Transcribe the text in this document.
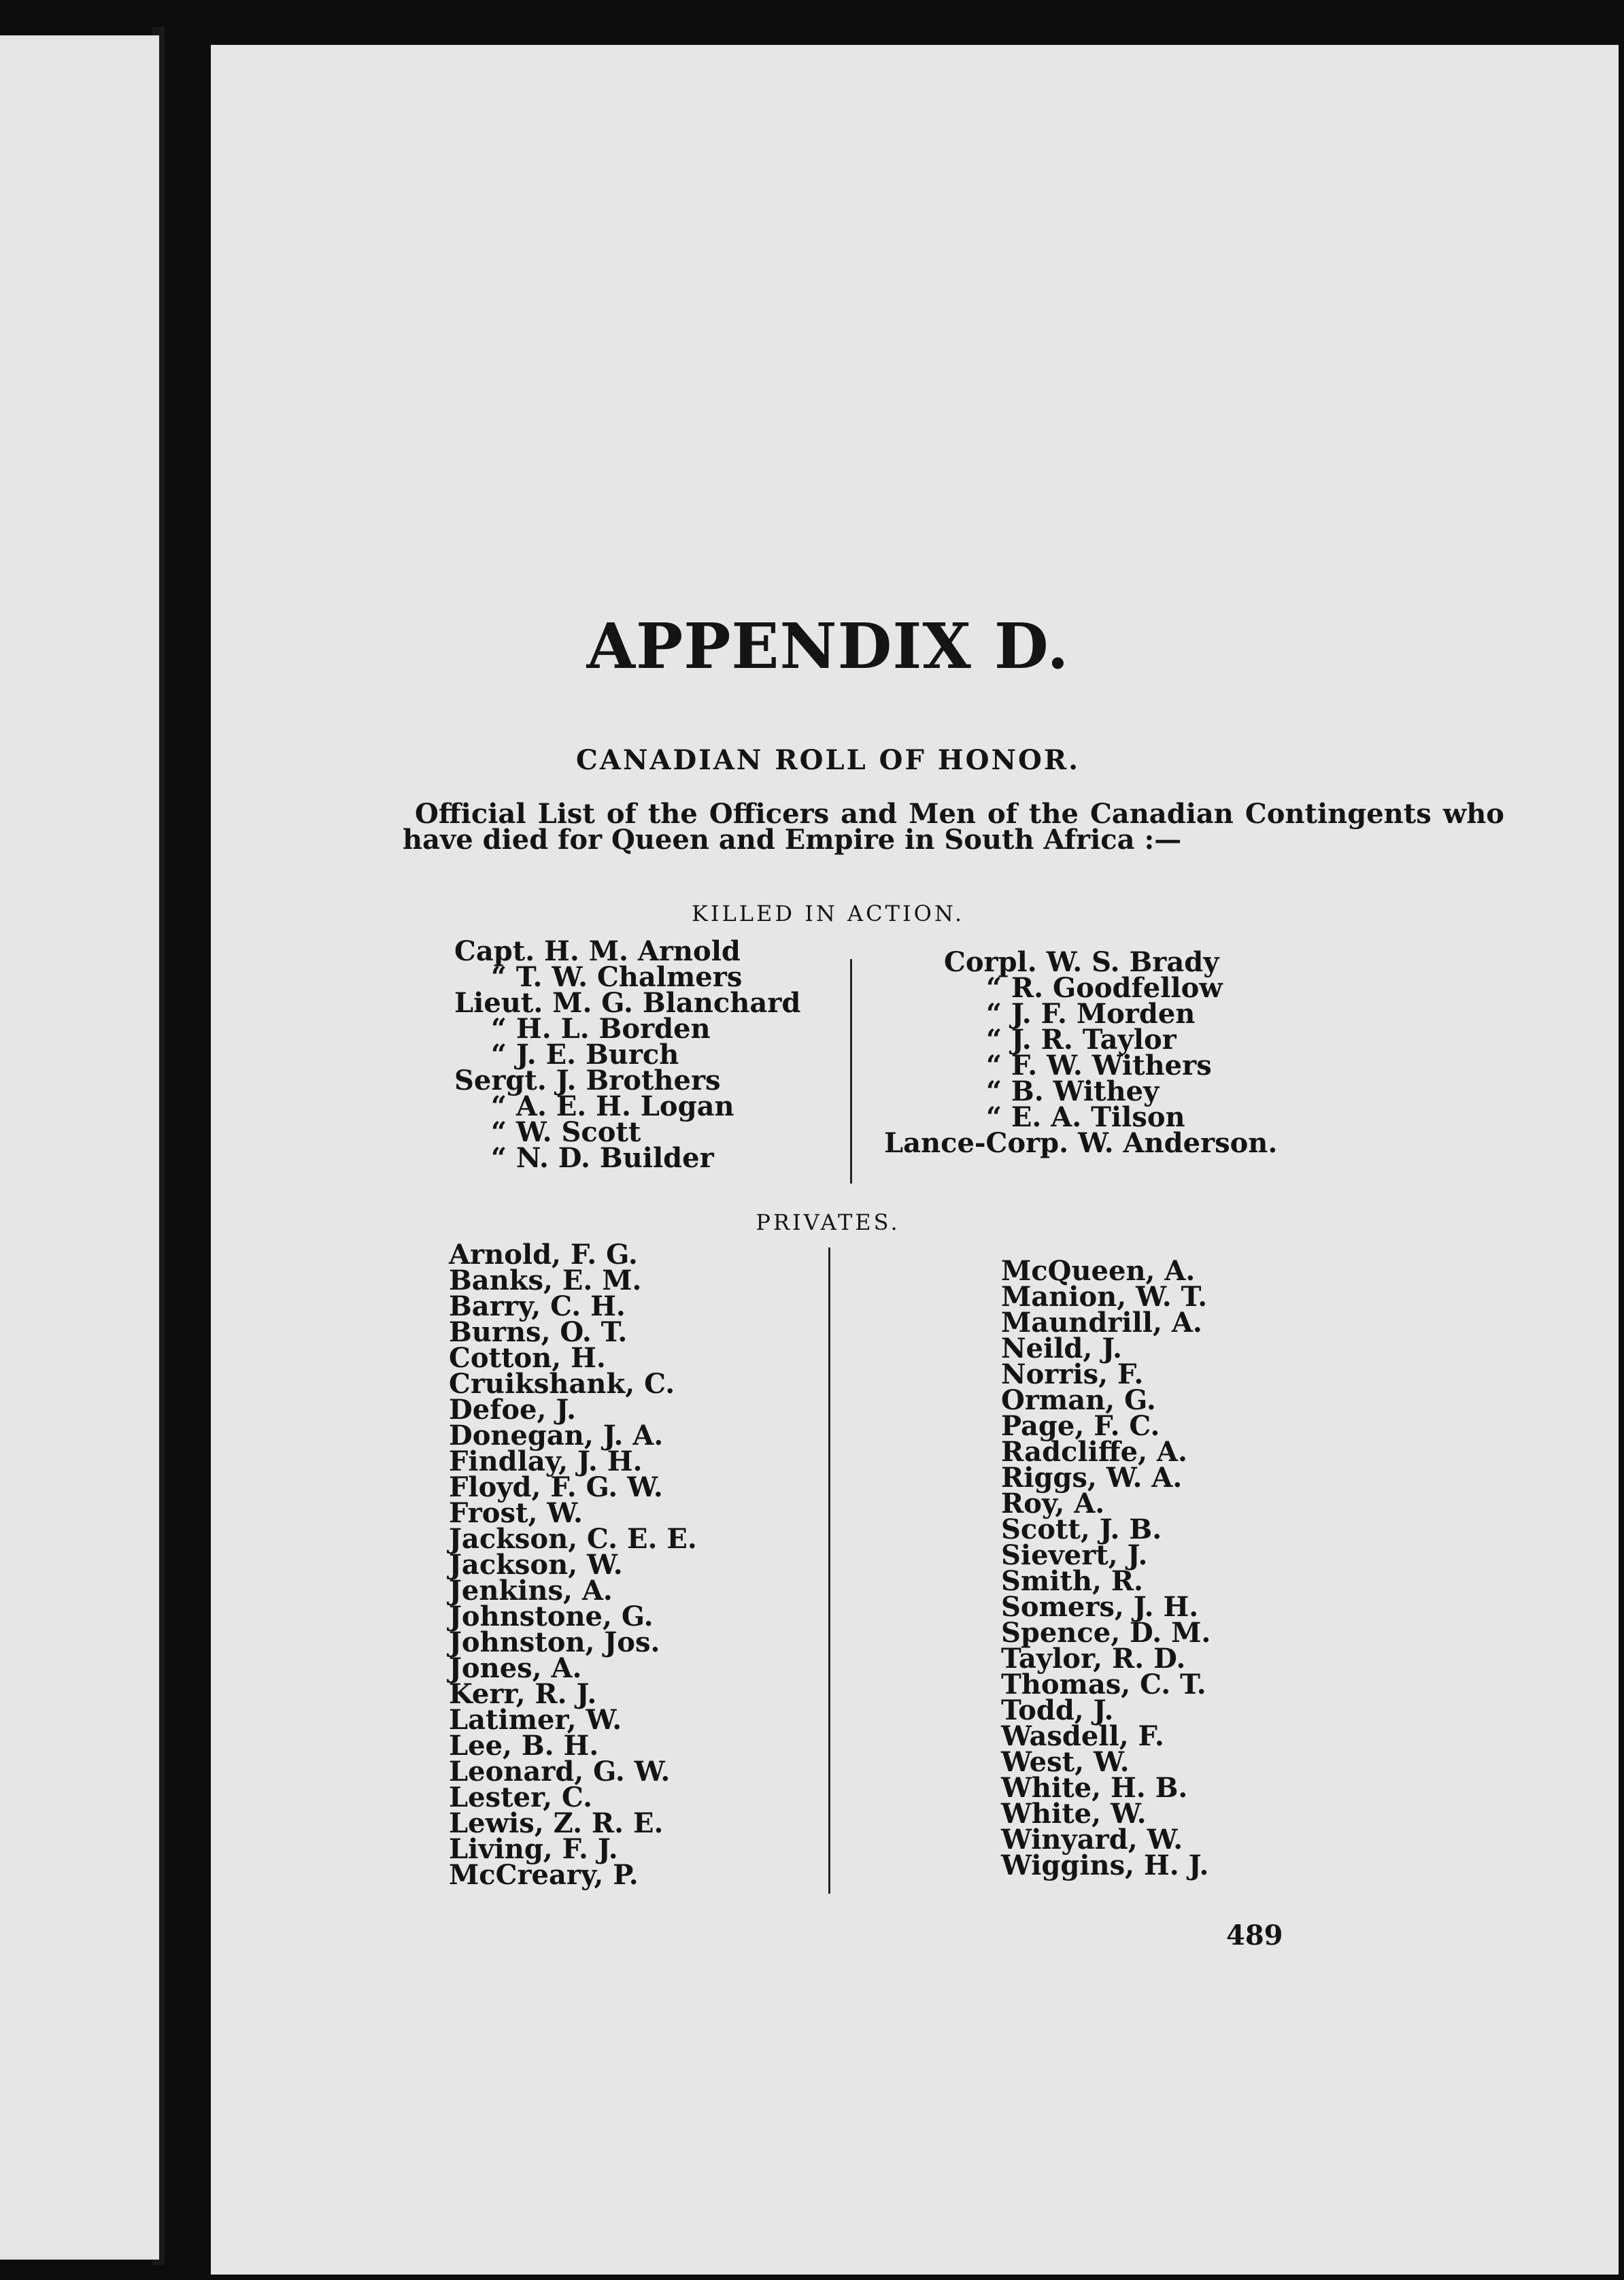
APPENDIX D.
CANADIAN ROLL OF HONOR.
Official List of the Officers and Men of the Canadian Contingents who have died for Queen and Empire in South Africa :—
KILLED IN ACTION.
Capt. H. M. Arnold
“ T. W. Chalmers
Lieut. M. G. Blanchard
“ H. L. Borden
“ J. E. Burch
Sergt. J. Brothers
“ A. E. H. Logan
“ W. Scott
“ N. D. Builder
Corpl. W. S. Brady
“ R. Goodfellow
“ J. F. Morden
“ J. R. Taylor
“ F. W. Withers
“ B. Withey
“ E. A. Tilson
Lance-Corp. W. Anderson.
PRIVATES.
Arnold, F. G.
Banks, E. M.
Barry, C. H.
Burns, O. T.
Cotton, H.
Cruikshank, C.
Defoe, J.
Donegan, J. A.
Findlay, J. H.
Floyd, F. G. W.
Frost, W.
Jackson, C. E. E.
Jackson, W.
Jenkins, A.
Johnstone, G.
Johnston, Jos.
Jones, A.
Kerr, R. J.
Latimer, W.
Lee, B. H.
Leonard, G. W.
Lester, C.
Lewis, Z. R. E.
Living, F. J.
McCreary, P.
McQueen, A.
Manion, W. T.
Maundrill, A.
Neild, J.
Norris, F.
Orman, G.
Page, F. C.
Radcliffe, A.
Riggs, W. A.
Roy, A.
Scott, J. B.
Sievert, J.
Smith, R.
Somers, J. H.
Spence, D. M.
Taylor, R. D.
Thomas, C. T.
Todd, J.
Wasdell, F.
West, W.
White, H. B.
White, W.
Winyard, W.
Wiggins, H. J.
489
